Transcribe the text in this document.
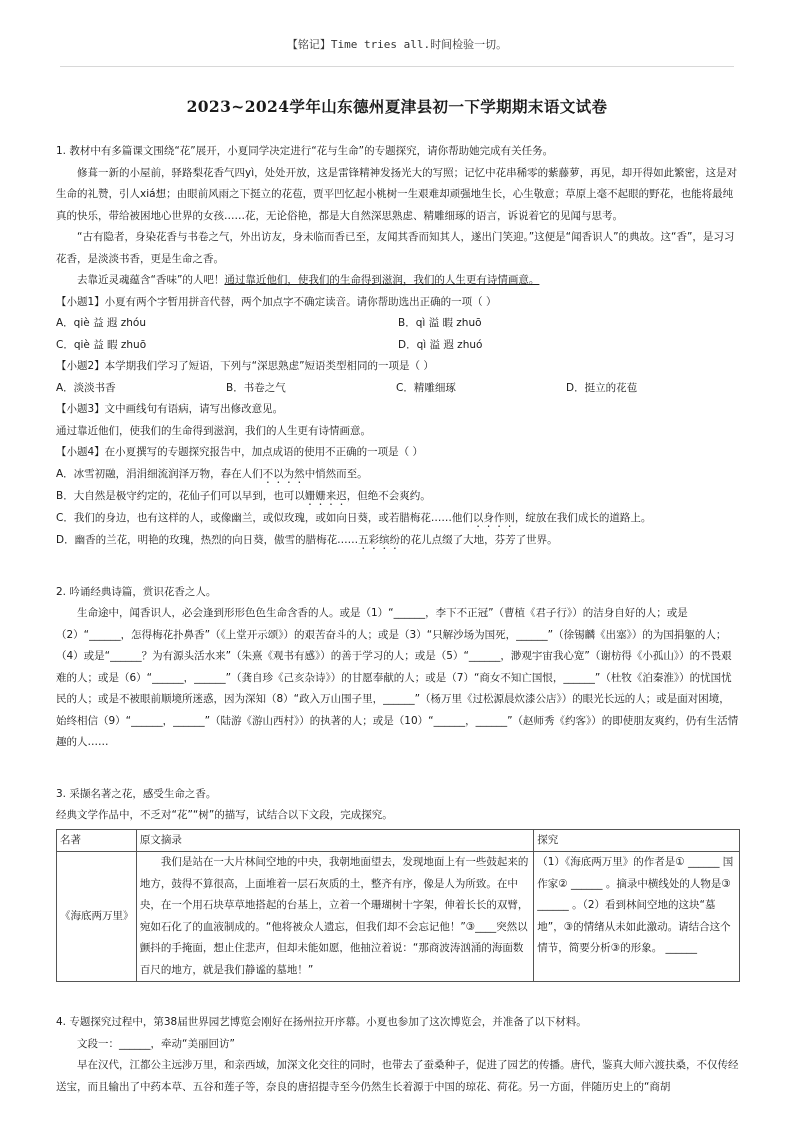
【铭记】Time tries all.时间检验一切。
2023~2024学年山东德州夏津县初一下学期期末语文试卷

1. 教材中有多篇课文围绕“花”展开，小夏同学决定进行“花与生命”的专题探究，请你帮助她完成有关任务。

修葺一新的小屋前，驿路梨花香气四yì，处处开放，这是雷锋精神发扬光大的写照；记忆中花串稀零的紫藤萝，再见，却开得如此繁密，这是对生命的礼赞，引人xiá想；由眼前风雨之下挺立的花苞，贾平凹忆起小桃树一生艰难却顽强地生长，心生敬意；草原上毫不起眼的野花，也能将最纯真的快乐，带给被困地心世界的女孩……花，无论俗艳，都是大自然深思熟虑、精雕细琢的语言，诉说着它的见闻与思考。

“古有隐者，身染花香与书卷之气，外出访友，身未临而香已至，友闻其香而知其人，遂出门笑迎。”这便是“闻香识人”的典故。这“香”，是习习花香，是淡淡书香，更是生命之香。

去靠近灵魂蕴含“香味”的人吧！通过靠近他们，使我们的生命得到滋润，我们的人生更有诗情画意。

【小题1】小夏有两个字暂用拼音代替，两个加点字不确定读音。请你帮助选出正确的一项（ ）

A．qiè 益 遐 zhóu	B．qì 溢 暇 zhuō
C．qiè 益 暇 zhuō	D．qì 溢 遐 zhuó

【小题2】本学期我们学习了短语，下列与“深思熟虑”短语类型相同的一项是（ ）

A．淡淡书香	B．书卷之气	C．精雕细琢	D．挺立的花苞

【小题3】文中画线句有语病，请写出修改意见。

通过靠近他们，使我们的生命得到滋润，我们的人生更有诗情画意。

【小题4】在小夏撰写的专题探究报告中，加点成语的使用不正确的一项是（ ）

A．冰雪初融，涓涓细流润泽万物，春在人们不以为然中悄然而至。

B．大自然是极守约定的，花仙子们可以早到，也可以姗姗来迟，但绝不会爽约。

C．我们的身边，也有这样的人，或像幽兰，或似玫瑰，或如向日葵，或若腊梅花……他们以身作则，绽放在我们成长的道路上。

D．幽香的兰花，明艳的玫瑰，热烈的向日葵，傲雪的腊梅花……五彩缤纷的花儿点缀了大地，芬芳了世界。

2. 吟诵经典诗篇，赏识花香之人。

生命途中，闻香识人，必会逢到形形色色生命含香的人。或是（1）“______，李下不正冠”（曹植《君子行》）的洁身自好的人；或是（2）“______，怎得梅花扑鼻香”（《上堂开示颂》）的艰苦奋斗的人；或是（3）“只解沙场为国死，______”（徐锡麟《出塞》）的为国捐躯的人；（4）或是“______？为有源头活水来”（朱熹《观书有感》）的善于学习的人；或是（5）“______，渺观宇宙我心宽”（谢枋得《小孤山》）的不畏艰难的人；或是（6）“______，______”（龚自珍《己亥杂诗》）的甘愿奉献的人；或是（7）“商女不知亡国恨，______”（杜牧《泊秦淮》）的忧国忧民的人；或是不被眼前顺境所迷惑，因为深知（8）“政入万山围子里，______”（杨万里《过松源晨炊漆公店》）的眼光长远的人；或是面对困境，始终相信（9）“______，______”（陆游《游山西村》）的执著的人；或是（10）“______，______”（赵师秀《约客》）的即使朋友爽约，仍有生活情趣的人……

3. 采撷名著之花，感受生命之香。

经典文学作品中，不乏对“花”“树”的描写，试结合以下文段，完成探究。

名著	原文摘录	探究
《海底两万里》	我们是站在一大片林间空地的中央，我朝地面望去，发现地面上有一些鼓起来的地方，鼓得不算很高，上面堆着一层石灰质的土，整齐有序，像是人为所致。在中央，在一个用石块草草地搭起的台基上，立着一个珊瑚树十字架，伸着长长的双臂，宛如石化了的血液制成的。“他将被众人遗忘，但我们却不会忘记他！”③____突然以颤抖的手掩面，想止住悲声，但却未能如愿，他抽泣着说：“那商波涛汹涌的海面数百尺的地方，就是我们静谧的墓地！”	（1）《海底两万里》的作者是① ______ 国作家② ______ 。摘录中横线处的人物是③ ______ 。（2）看到林间空地的这块“墓地”，③的情绪从未如此激动。请结合这个情节，简要分析③的形象。 ______

4. 专题探究过程中，第38届世界园艺博览会刚好在扬州拉开序幕。小夏也参加了这次博览会，并准备了以下材料。

文段一：______，牵动“美丽回访”

早在汉代，江都公主远涉万里，和亲西域，加深文化交往的同时，也带去了蚕桑种子，促进了园艺的传播。唐代，鉴真大师六渡扶桑，不仅传经送宝，而且输出了中药本草、五谷和莲子等，奈良的唐招提寺至今仍然生长着源于中国的琼花、荷花。另一方面，伴随历史上的“商胡
